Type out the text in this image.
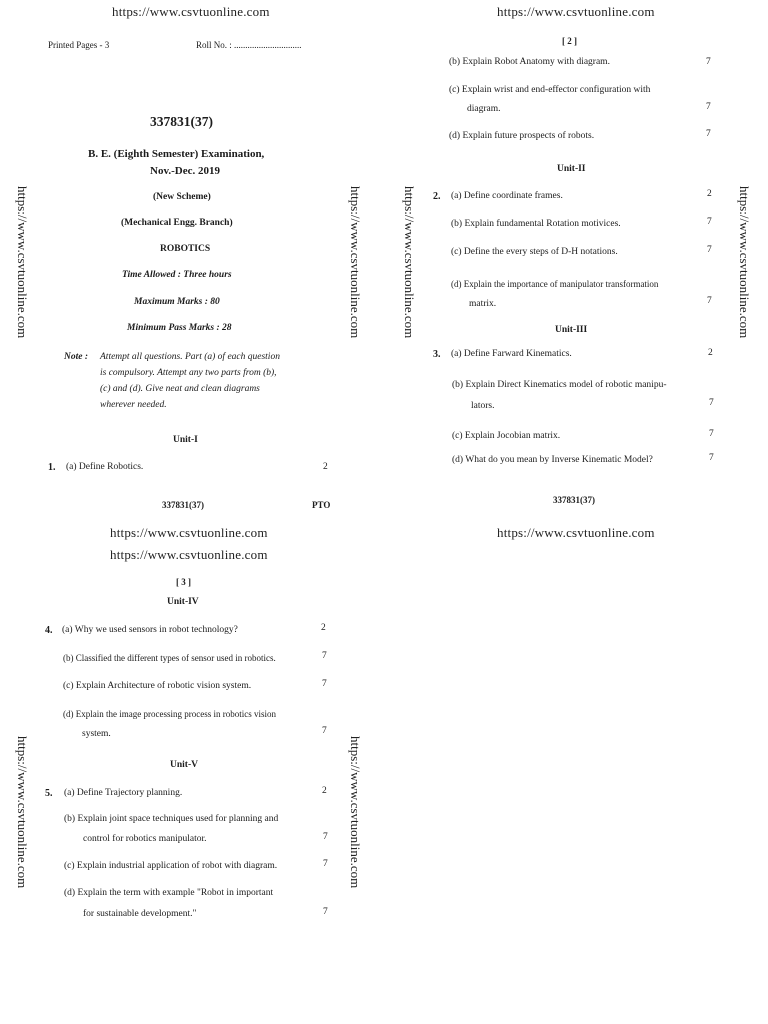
https://www.csvtuonline.com	https://www.csvtuonline.com
https://www.csvtuonline.com	https://www.csvtuonline.com	https://www.csvtuonline.com	https://www.csvtuonline.com
https://www.csvtuonline.com	https://www.csvtuonline.com
Printed Pages - 3	Roll No. : ..............................
337831(37)
B. E. (Eighth Semester) Examination,
Nov.-Dec. 2019
(New Scheme)
(Mechanical Engg. Branch)
ROBOTICS
Time Allowed : Three hours
Maximum Marks : 80
Minimum Pass Marks : 28
Note : Attempt all questions. Part (a) of each question
is compulsory. Attempt any two parts from (b),
(c) and (d). Give neat and clean diagrams
wherever needed.
Unit-I
1. (a) Define Robotics.	2
337831(37)	PTO
[ 2 ]
(b) Explain Robot Anatomy with diagram.	7
(c) Explain wrist and end-effector configuration with
diagram.	7
(d) Explain future prospects of robots.	7
Unit-II
2. (a) Define coordinate frames.	2
(b) Explain fundamental Rotation motivices.	7
(c) Define the every steps of D-H notations.	7
(d) Explain the importance of manipulator transformation
matrix.	7
Unit-III
3. (a) Define Farward Kinematics.	2
(b) Explain Direct Kinematics model of robotic manipu-
lators.	7
(c) Explain Jocobian matrix.	7
(d) What do you mean by Inverse Kinematic Model?	7
337831(37)
https://www.csvtuonline.com	https://www.csvtuonline.com
https://www.csvtuonline.com
[ 3 ]
Unit-IV
4. (a) Why we used sensors in robot technology?	2
(b) Classified the different types of sensor used in robotics.	7
(c) Explain Architecture of robotic vision system.	7
(d) Explain the image processing process in robotics vision
system.	7
Unit-V
5. (a) Define Trajectory planning.	2
(b) Explain joint space techniques used for planning and
control for robotics manipulator.	7
(c) Explain industrial application of robot with diagram.	7
(d) Explain the term with example "Robot in important
for sustainable development."	7
